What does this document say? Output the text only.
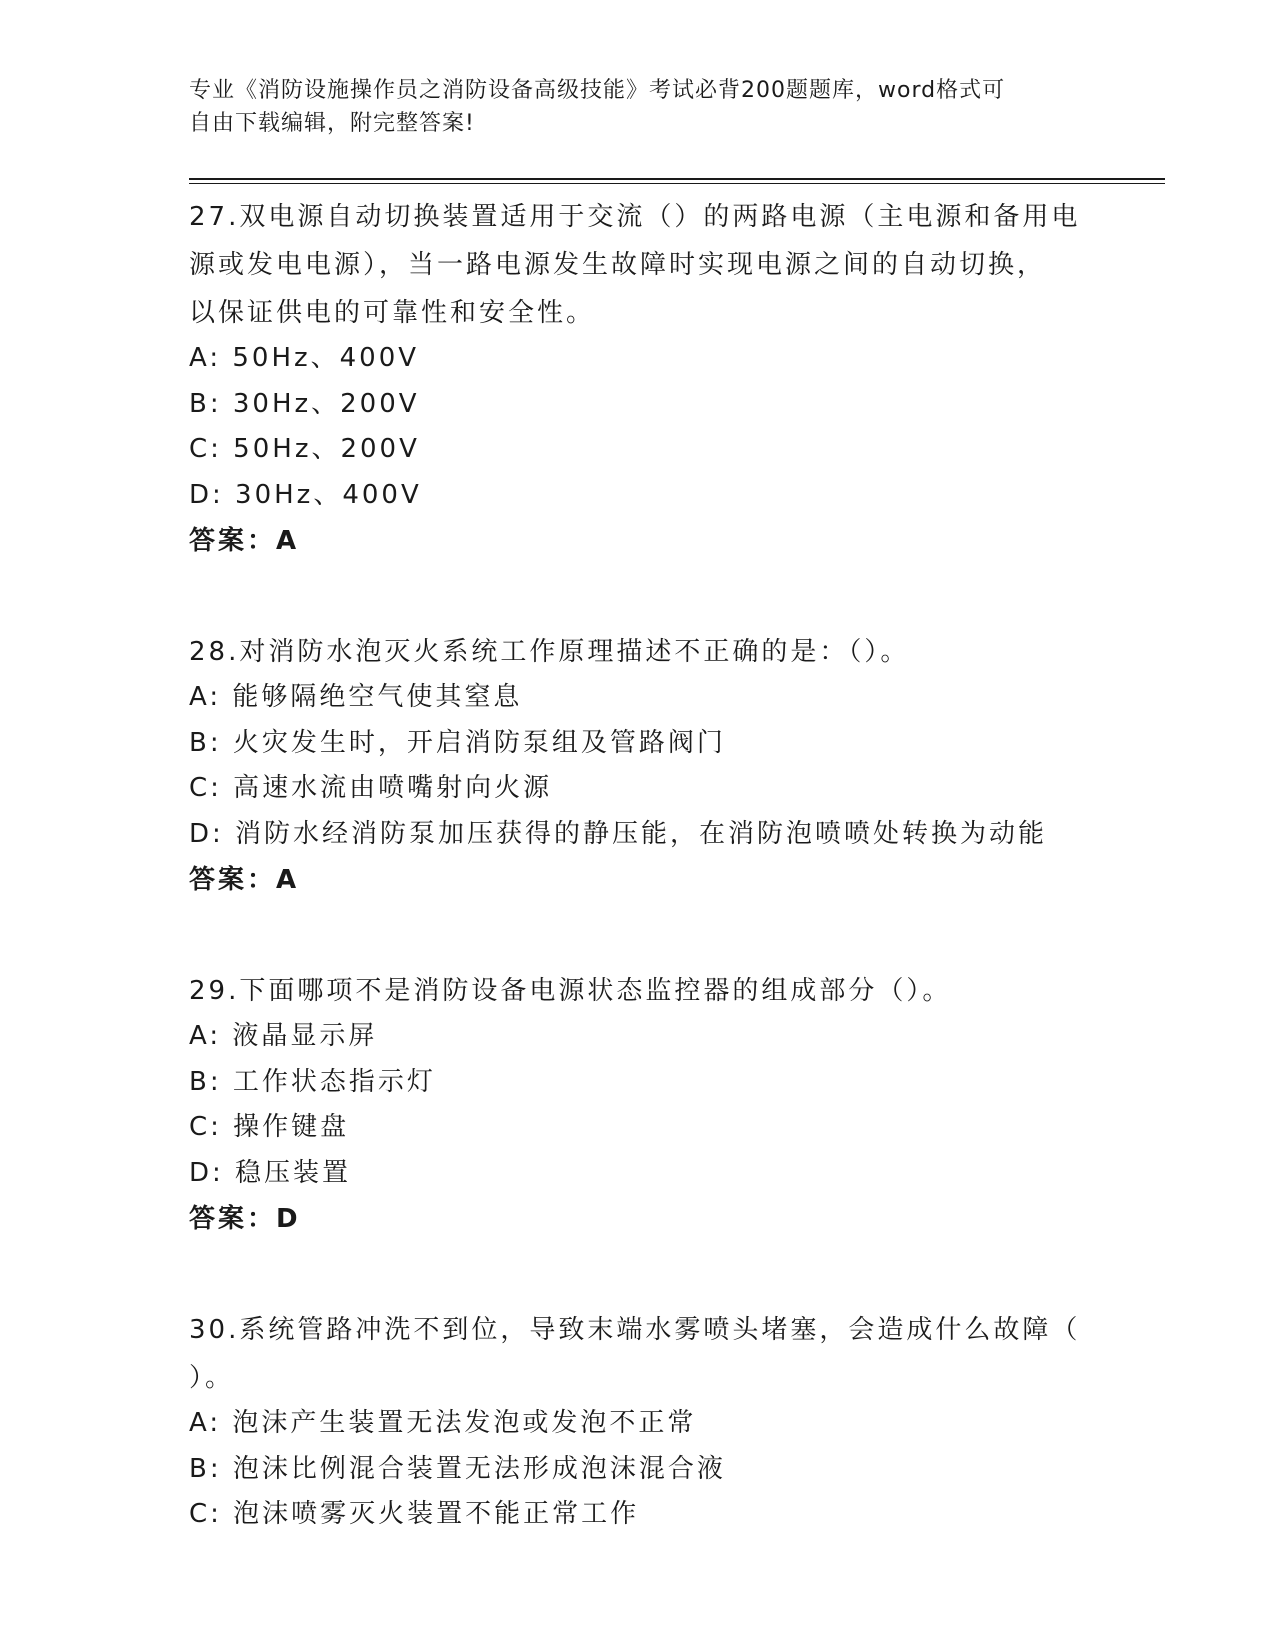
专业《消防设施操作员之消防设备高级技能》考试必背200题题库，word格式可
自由下载编辑，附完整答案!
27.双电源自动切换装置适用于交流（）的两路电源（主电源和备用电
源或发电电源），当一路电源发生故障时实现电源之间的自动切换，
以保证供电的可靠性和安全性。
A: 50Hz、400V
B: 30Hz、200V
C: 50Hz、200V
D: 30Hz、400V
答案：A
28.对消防水泡灭火系统工作原理描述不正确的是：（）。
A: 能够隔绝空气使其窒息
B: 火灾发生时，开启消防泵组及管路阀门
C: 高速水流由喷嘴射向火源
D: 消防水经消防泵加压获得的静压能，在消防泡喷喷处转换为动能
答案：A
29.下面哪项不是消防设备电源状态监控器的组成部分（）。
A: 液晶显示屏
B: 工作状态指示灯
C: 操作键盘
D: 稳压装置
答案：D
30.系统管路冲洗不到位，导致末端水雾喷头堵塞，会造成什么故障（
）。
A: 泡沫产生装置无法发泡或发泡不正常
B: 泡沫比例混合装置无法形成泡沫混合液
C: 泡沫喷雾灭火装置不能正常工作
